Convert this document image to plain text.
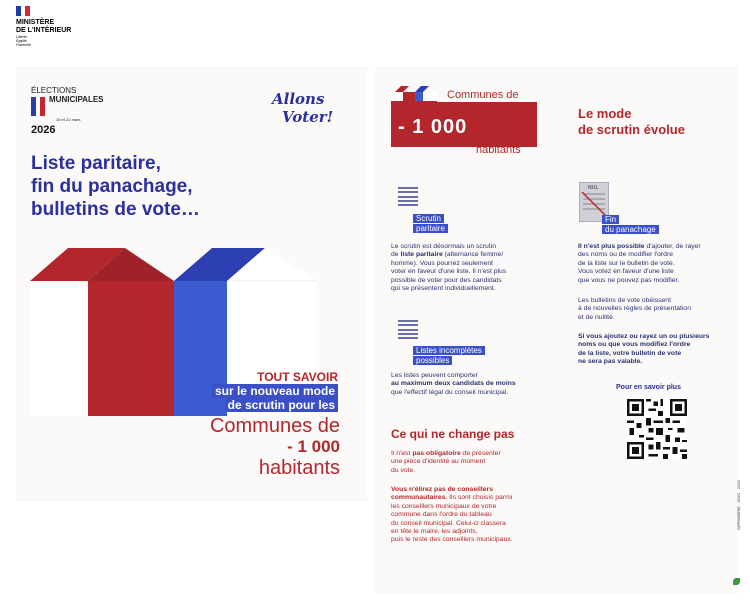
MINISTÈRE
DE L'INTÉRIEUR
Liberté
Égalité
Fraternité
ÉLECTIONS
MUNICIPALES
15 et 22 mars
2026
Allons
Voter!
Liste paritaire,
fin du panachage,
bulletins de vote…
TOUT SAVOIR
sur le nouveau mode
de scrutin pour les
Communes de
- 1 000
habitants
Communes de
- 1 000
habitants
Le mode
de scrutin évolue
Scrutin
paritaire
Le scrutin est désormais un scrutin
de liste paritaire (alternance femme/
homme). Vous pourrez seulement
voter en faveur d'une liste. Il n'est plus
possible de voter pour des candidats
qui se présentent individuellement.
Listes incomplètes
possibles
Les listes peuvent comporter
au maximum deux candidats de moins
que l'effectif légal du conseil municipal.
NUL
Fin
du panachage
Il n'est plus possible d'ajouter, de rayer
des noms ou de modifier l'ordre
de la liste sur le bulletin de vote.
Vous votez en faveur d'une liste
que vous ne pouvez pas modifier.
Les bulletins de vote obéissent
à de nouvelles règles de présentation
et de nullité.
Si vous ajoutez ou rayez un ou plusieurs
noms ou que vous modifiez l'ordre
de la liste, votre bulletin de vote
ne sera pas valable.
Pour en savoir plus
Ce qui ne change pas
Il n'est pas obligatoire de présenter
une pièce d'identité au moment
du vote.
Vous n'élirez pas de conseillers
communautaires. Ils sont choisis parmi
les conseillers municipaux de votre
commune dans l'ordre du tableau
du conseil municipal. Celui-ci classera
en tête le maire, les adjoints,
puis le reste des conseillers municipaux.
IMPRIMERIE · SGIG · 2025
